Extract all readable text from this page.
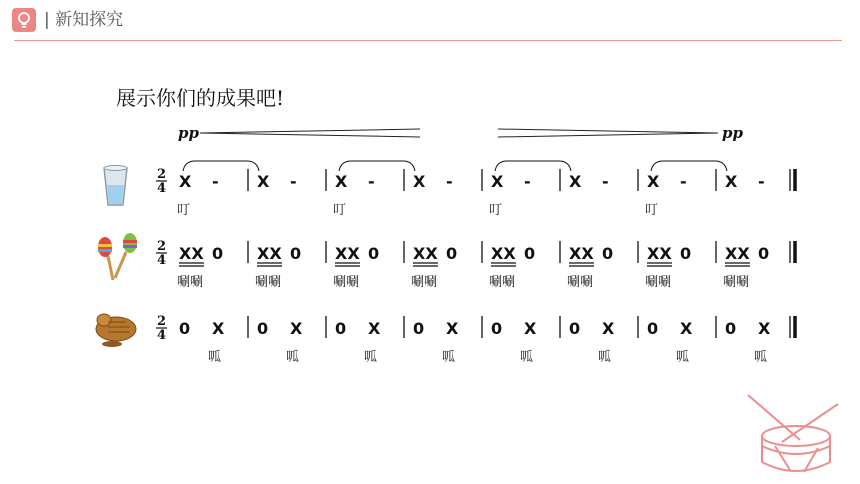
| 新知探究
展示你们的成果吧!
pp	pp
2
4 X -
叮
X - X -
叮
X - X -
叮
X - X -
叮
X -
2
4 XX 0
唰唰
XX 0
唰唰
XX 0
唰唰
XX 0
唰唰
XX 0
唰唰
XX 0
唰唰
XX 0
唰唰
XX 0
唰唰
2
4 0 X
呱
0 X
呱
0 X
呱
0 X
呱
0 X
呱
0 X
呱
0 X
呱
0 X
呱
